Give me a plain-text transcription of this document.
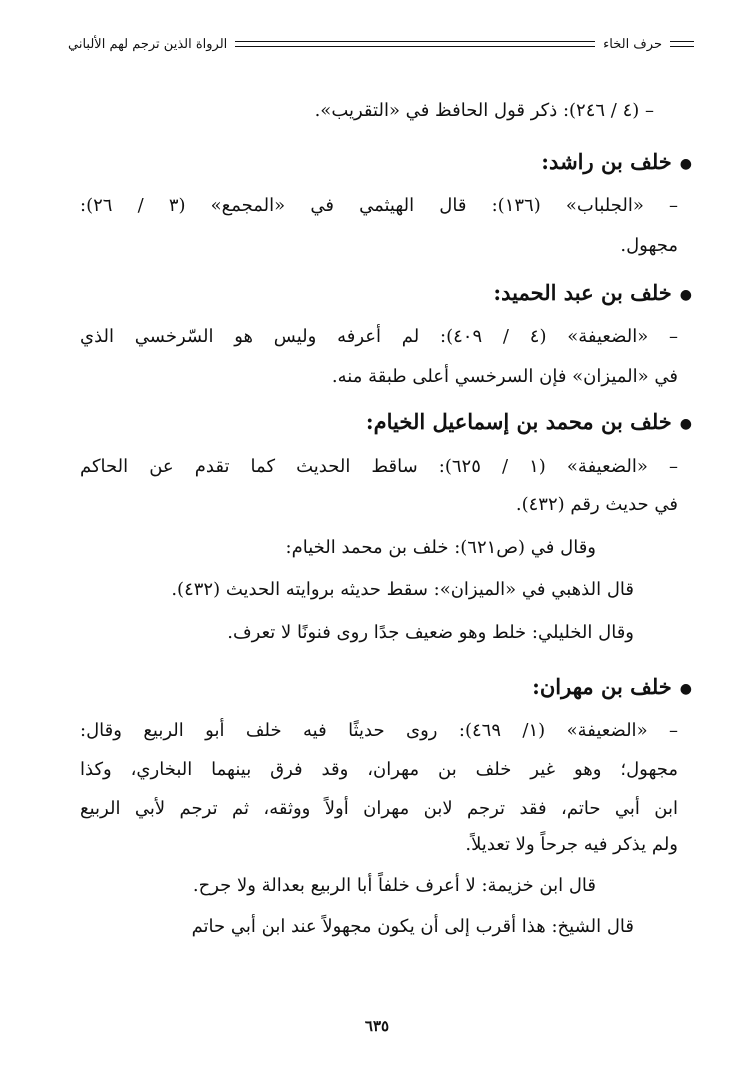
حرف الخاء
الرواة الذين ترجم لهم الألباني
– (٤ / ٢٤٦): ذكر قول الحافظ في «التقريب».
●خلف بن راشد:
– «الجلباب» (١٣٦): قال الهيثمي في «المجمع» (٣ / ٢٦):
مجهول.
●خلف بن عبد الحميد:
– «الضعيفة» (٤ / ٤٠٩): لم أعرفه وليس هو السّرخسي الذي
في «الميزان» فإن السرخسي أعلى طبقة منه.
●خلف بن محمد بن إسماعيل الخيام:
– «الضعيفة» (١ / ٦٢٥): ساقط الحديث كما تقدم عن الحاكم
في حديث رقم (٤٣٢).
وقال في (ص٦٢١): خلف بن محمد الخيام:
قال الذهبي في «الميزان»: سقط حديثه بروايته الحديث (٤٣٢).
وقال الخليلي: خلط وهو ضعيف جدًا روى فنونًا لا تعرف.
●خلف بن مهران:
– «الضعيفة» (١/ ٤٦٩): روى حديثًا فيه خلف أبو الربيع وقال:
مجهول؛ وهو غير خلف بن مهران، وقد فرق بينهما البخاري، وكذا
ابن أبي حاتم، فقد ترجم لابن مهران أولاً ووثقه، ثم ترجم لأبي الربيع
ولم يذكر فيه جرحاً ولا تعديلاً.
قال ابن خزيمة: لا أعرف خلفاً أبا الربيع بعدالة ولا جرح.
قال الشيخ: هذا أقرب إلى أن يكون مجهولاً عند ابن أبي حاتم
٦٣٥
